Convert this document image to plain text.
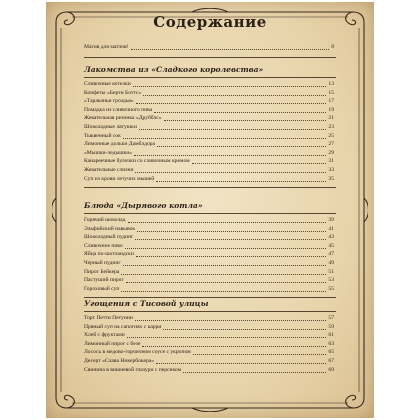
Содержание
Магия для матлов!	8
Лакомства из «Сладкого королевства»
Сливочные котелки	13
Конфеты «Берти Боттс»	15
«Тараканьи гроздья»	17
Помадка из сливочного пива	19
Жевательная резинка «Друбблс»	21
Шоколадные лягушки	23
Тыквенный сок	25
Лимонные дольки Дамблдора	27
«Мышки-ледышки»	29
Канареечные булочки со сливочным кремом	31
Жевательные слизни	33
Суп из крови летучих мышей	35
Блюда «Дырявого котла»
Горячий шоколад	39
Эльфийский навывок	41
Шоколадный пудинг	43
Сливочное пиво	45
Яйца по-шотландски	47
Черный пудинг	49
Пирог Бейкера	51
Пастуший пирог	53
Гороховый суп	55
Угощения с Тисовой улицы
Торт Петти Петунии	57
Пряный суп на сапогиях с карри	59
Хлеб с фруктами	61
Лимонный пирог с безе	63
Лосось в медово-горчичном соусе с укропом	65
Десерт «Слава Никербокера»	67
Свинина в вишневой глазури с персиком	69
